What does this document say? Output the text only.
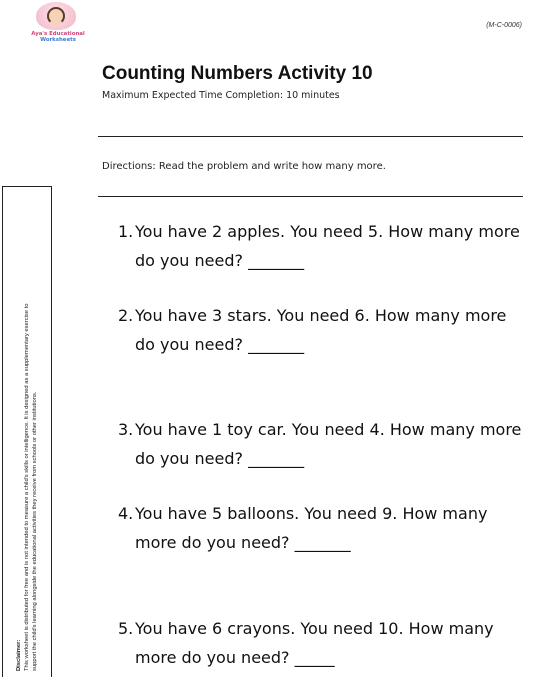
Aya's Educational
Worksheets
(M-C-0006)
Counting Numbers Activity 10
Maximum Expected Time Completion: 10 minutes
Directions: Read the problem and write how many more.
Disclaimer: This worksheet is distributed for free and is not intended to measure a child's skills or intelligence. It is designed as a supplementary exercise to support the child's learning alongside the educational activities they receive from schools or other institutions.
1. You have 2 apples. You need 5. How many more
do you need? _______
2. You have 3 stars. You need 6. How many more
do you need? _______
3. You have 1 toy car. You need 4. How many more
do you need? _______
4. You have 5 balloons. You need 9. How many
more do you need? _______
5. You have 6 crayons. You need 10. How many
more do you need? _____
